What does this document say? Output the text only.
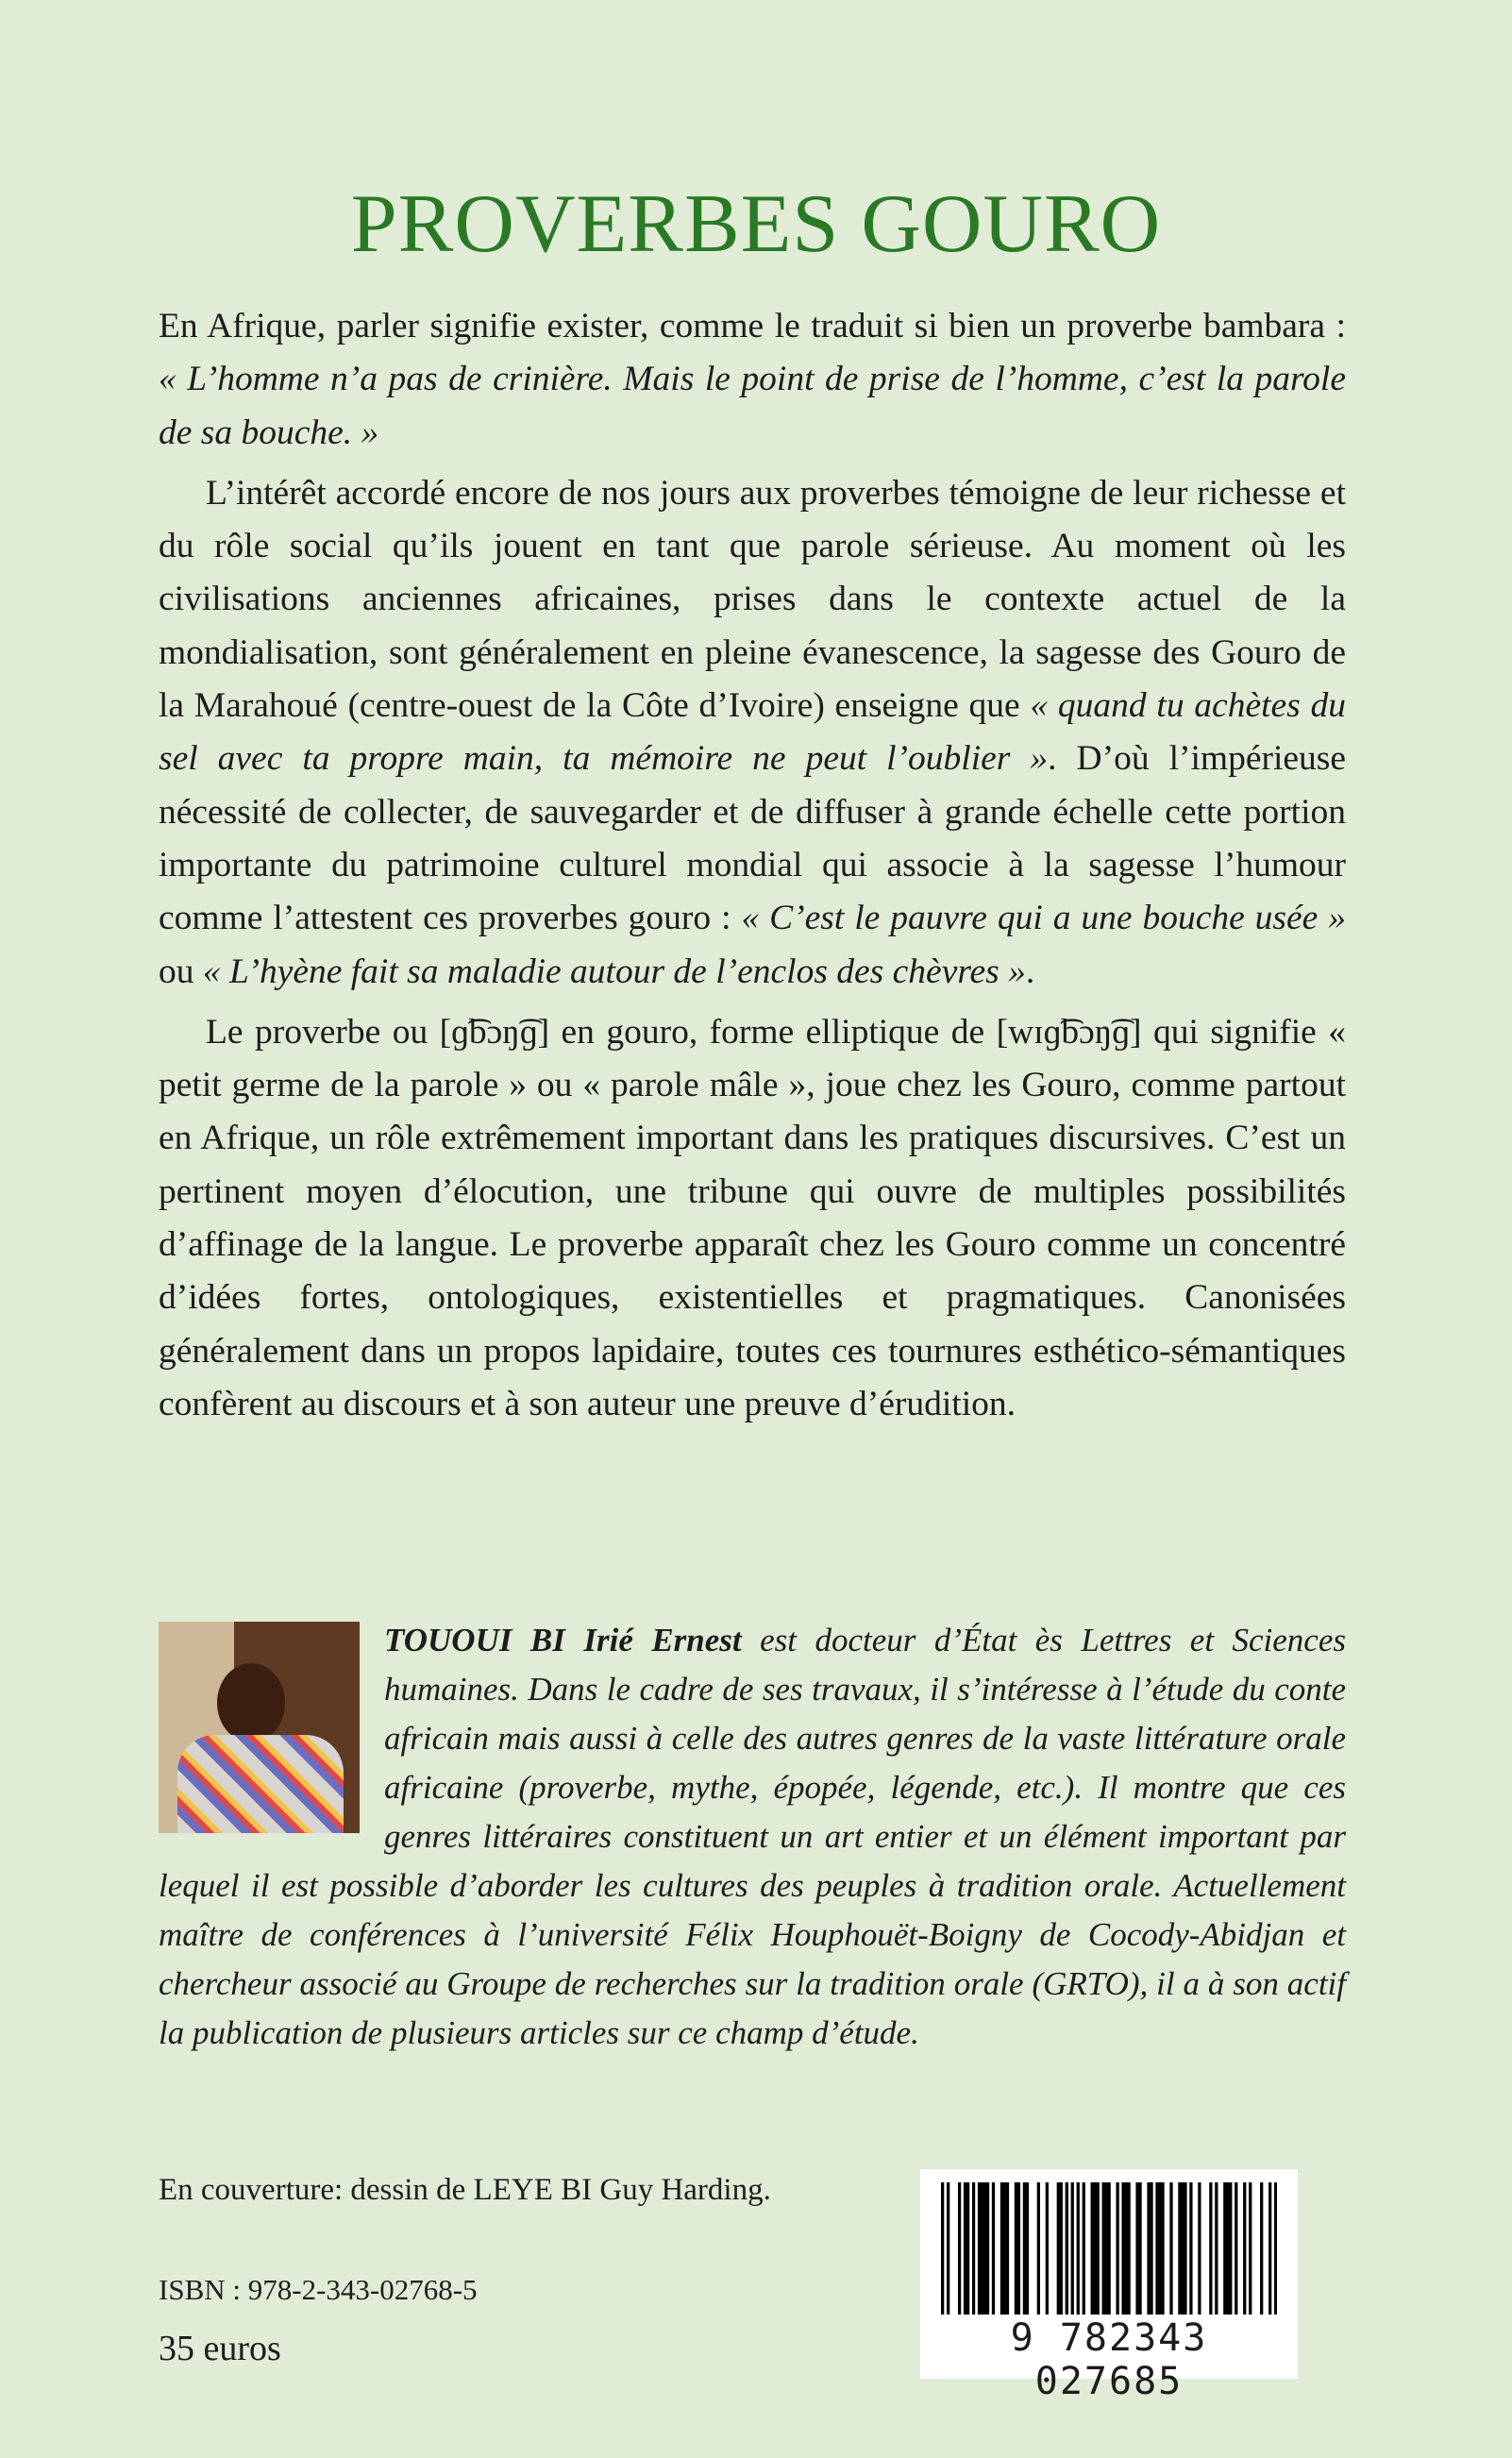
PROVERBES GOURO

En Afrique, parler signifie exister, comme le traduit si bien un proverbe bambara : « L’homme n’a pas de crinière. Mais le point de prise de l’homme, c’est la parole de sa bouche. »

L’intérêt accordé encore de nos jours aux proverbes témoigne de leur richesse et du rôle social qu’ils jouent en tant que parole sérieuse. Au moment où les civilisations anciennes africaines, prises dans le contexte actuel de la mondialisation, sont généralement en pleine évanescence, la sagesse des Gouro de la Marahoué (centre-ouest de la Côte d’Ivoire) enseigne que « quand tu achètes du sel avec ta propre main, ta mémoire ne peut l’oublier ». D’où l’impérieuse nécessité de collecter, de sauvegarder et de diffuser à grande échelle cette portion importante du patrimoine culturel mondial qui associe à la sagesse l’humour comme l’attestent ces proverbes gouro : « C’est le pauvre qui a une bouche usée » ou « L’hyène fait sa maladie autour de l’enclos des chèvres ».

Le proverbe ou [ɡ͡bɔŋ͡ɡ] en gouro, forme elliptique de [wɪɡ͡bɔŋ͡ɡ] qui signifie « petit germe de la parole » ou « parole mâle », joue chez les Gouro, comme partout en Afrique, un rôle extrêmement important dans les pratiques discursives. C’est un pertinent moyen d’élocution, une tribune qui ouvre de multiples possibilités d’affinage de la langue. Le proverbe apparaît chez les Gouro comme un concentré d’idées fortes, ontologiques, existentielles et pragmatiques. Canonisées généralement dans un propos lapidaire, toutes ces tournures esthético-sémantiques confèrent au discours et à son auteur une preuve d’érudition.

TOUOUI BI Irié Ernest est docteur d’État ès Lettres et Sciences humaines. Dans le cadre de ses travaux, il s’intéresse à l’étude du conte africain mais aussi à celle des autres genres de la vaste littérature orale africaine (proverbe, mythe, épopée, légende, etc.). Il montre que ces genres littéraires constituent un art entier et un élément important par lequel il est possible d’aborder les cultures des peuples à tradition orale. Actuellement maître de conférences à l’université Félix Houphouët-Boigny de Cocody-Abidjan et chercheur associé au Groupe de recherches sur la tradition orale (GRTO), il a à son actif la publication de plusieurs articles sur ce champ d’étude.

En couverture: dessin de LEYE BI Guy Harding.
ISBN : 978-2-343-02768-5
35 euros	9 782343 027685
